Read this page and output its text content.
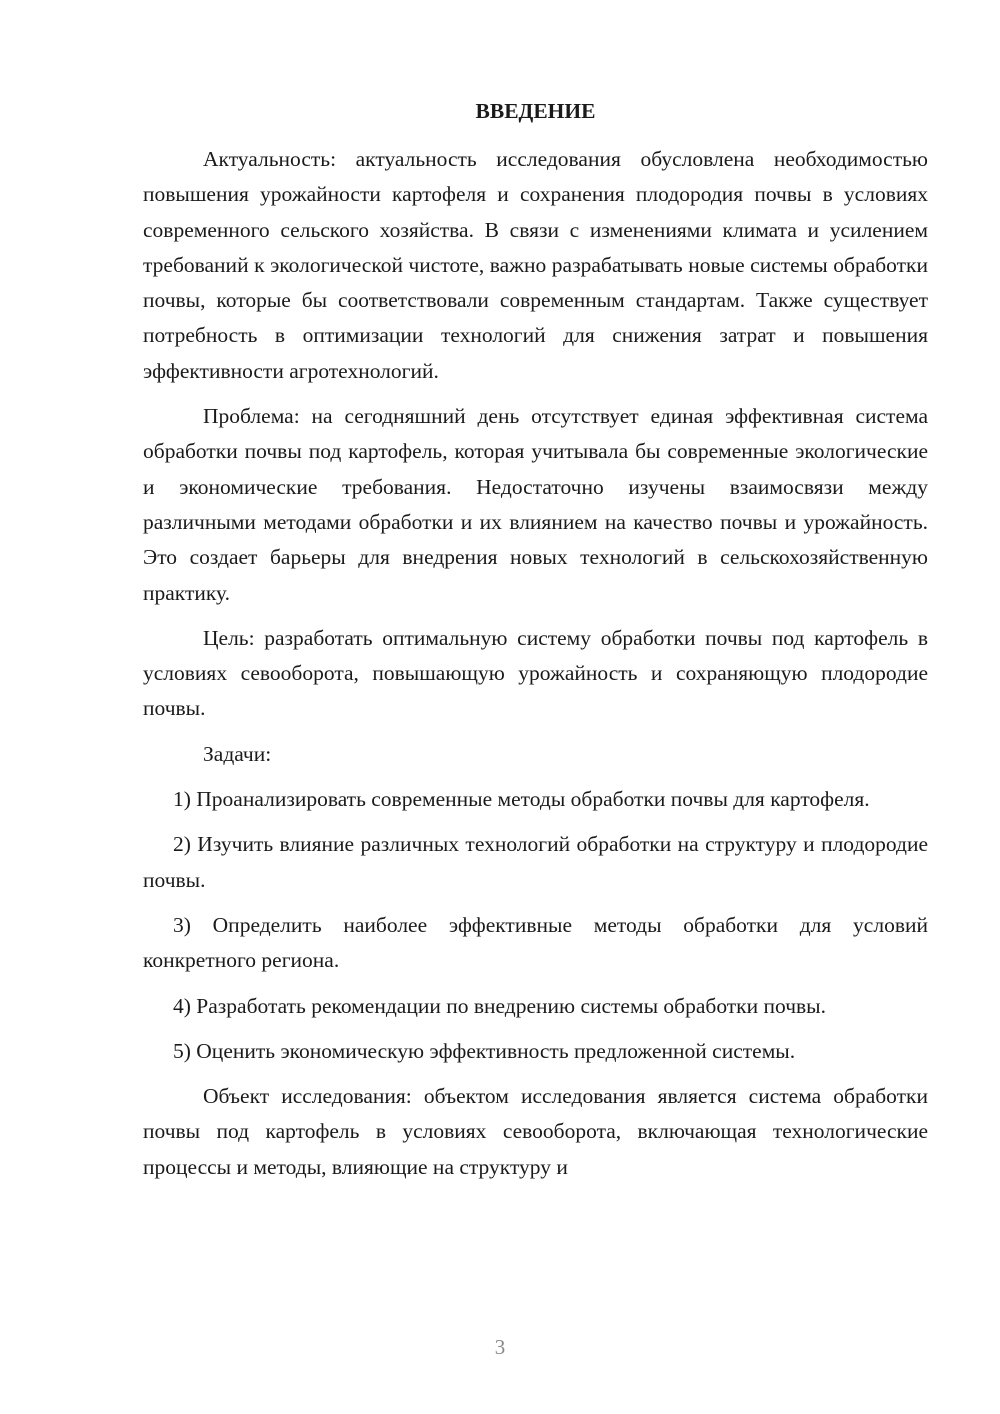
ВВЕДЕНИЕ

Актуальность: актуальность исследования обусловлена необходимостью повышения урожайности картофеля и сохранения плодородия почвы в условиях современного сельского хозяйства. В связи с изменениями климата и усилением требований к экологической чистоте, важно разрабатывать новые системы обработки почвы, которые бы соответствовали современным стандартам. Также существует потребность в оптимизации технологий для снижения затрат и повышения эффективности агротехнологий.

Проблема: на сегодняшний день отсутствует единая эффективная система обработки почвы под картофель, которая учитывала бы современные экологические и экономические требования. Недостаточно изучены взаимосвязи между различными методами обработки и их влиянием на качество почвы и урожайность. Это создает барьеры для внедрения новых технологий в сельскохозяйственную практику.

Цель: разработать оптимальную систему обработки почвы под картофель в условиях севооборота, повышающую урожайность и сохраняющую плодородие почвы.

Задачи:

1) Проанализировать современные методы обработки почвы для картофеля.

2) Изучить влияние различных технологий обработки на структуру и плодородие почвы.

3) Определить наиболее эффективные методы обработки для условий конкретного региона.

4) Разработать рекомендации по внедрению системы обработки почвы.

5) Оценить экономическую эффективность предложенной системы.

Объект исследования: объектом исследования является система обработки почвы под картофель в условиях севооборота, включающая технологические процессы и методы, влияющие на структуру и

3
